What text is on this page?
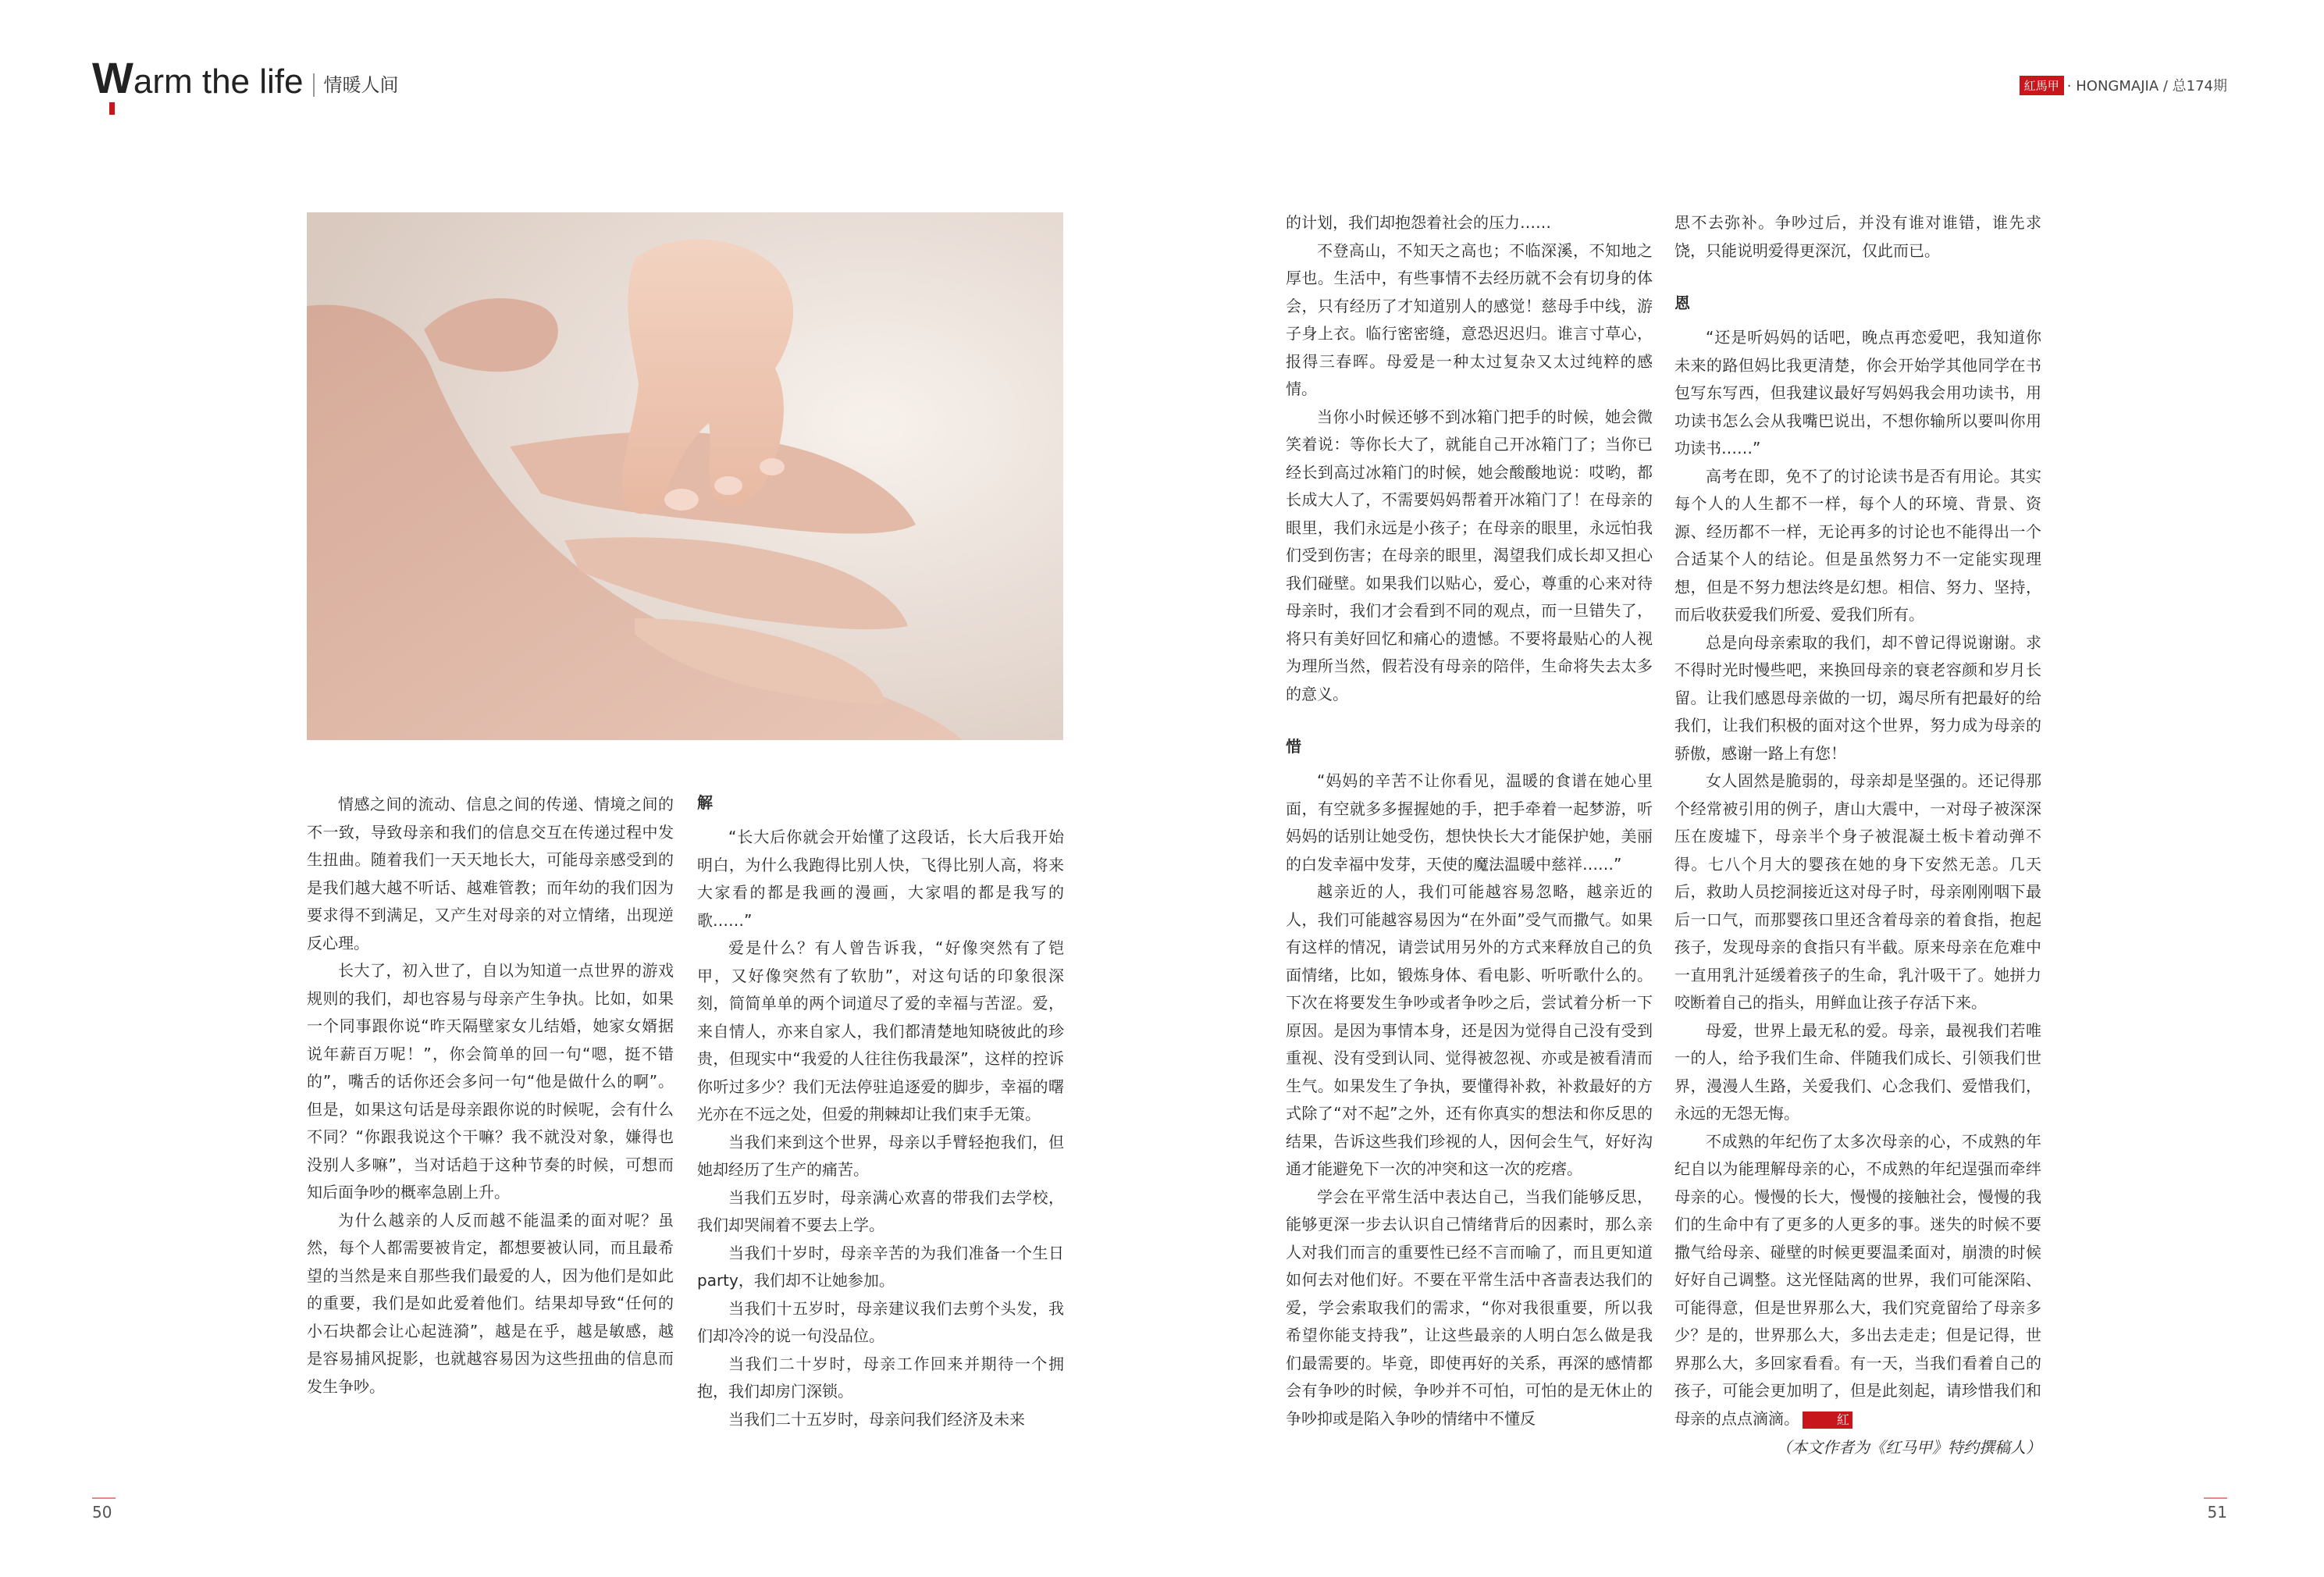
Warm the life 情暖人间	紅馬甲 · HONGMAJIA / 总174期

情感之间的流动、信息之间的传递、情境之间的不一致，导致母亲和我们的信息交互在传递过程中发生扭曲。随着我们一天天地长大，可能母亲感受到的是我们越大越不听话、越难管教；而年幼的我们因为要求得不到满足，又产生对母亲的对立情绪，出现逆反心理。

长大了，初入世了，自以为知道一点世界的游戏规则的我们，却也容易与母亲产生争执。比如，如果一个同事跟你说“昨天隔壁家女儿结婚，她家女婿据说年薪百万呢！”，你会简单的回一句“嗯，挺不错的”，嘴舌的话你还会多问一句“他是做什么的啊”。但是，如果这句话是母亲跟你说的时候呢，会有什么不同？“你跟我说这个干嘛？我不就没对象，嫌得也没别人多嘛”，当对话趋于这种节奏的时候，可想而知后面争吵的概率急剧上升。

为什么越亲的人反而越不能温柔的面对呢？虽然，每个人都需要被肯定，都想要被认同，而且最希望的当然是来自那些我们最爱的人，因为他们是如此的重要，我们是如此爱着他们。结果却导致“任何的小石块都会让心起涟漪”，越是在乎，越是敏感，越是容易捕风捉影，也就越容易因为这些扭曲的信息而发生争吵。

解

“长大后你就会开始懂了这段话，长大后我开始明白，为什么我跑得比别人快，飞得比别人高，将来大家看的都是我画的漫画，大家唱的都是我写的歌……”

爱是什么？有人曾告诉我，“好像突然有了铠甲，又好像突然有了软肋”，对这句话的印象很深刻，简简单单的两个词道尽了爱的幸福与苦涩。爱，来自情人，亦来自家人，我们都清楚地知晓彼此的珍贵，但现实中“我爱的人往往伤我最深”，这样的控诉你听过多少？我们无法停驻追逐爱的脚步，幸福的曙光亦在不远之处，但爱的荆棘却让我们束手无策。

当我们来到这个世界，母亲以手臂轻抱我们，但她却经历了生产的痛苦。

当我们五岁时，母亲满心欢喜的带我们去学校，我们却哭闹着不要去上学。

当我们十岁时，母亲辛苦的为我们准备一个生日 party，我们却不让她参加。

当我们十五岁时，母亲建议我们去剪个头发，我们却冷冷的说一句没品位。

当我们二十岁时，母亲工作回来并期待一个拥抱，我们却房门深锁。

当我们二十五岁时，母亲问我们经济及未来

的计划，我们却抱怨着社会的压力……

不登高山，不知天之高也；不临深溪，不知地之厚也。生活中，有些事情不去经历就不会有切身的体会，只有经历了才知道别人的感觉！慈母手中线，游子身上衣。临行密密缝，意恐迟迟归。谁言寸草心，报得三春晖。母爱是一种太过复杂又太过纯粹的感情。

当你小时候还够不到冰箱门把手的时候，她会微笑着说：等你长大了，就能自己开冰箱门了；当你已经长到高过冰箱门的时候，她会酸酸地说：哎哟，都长成大人了，不需要妈妈帮着开冰箱门了！在母亲的眼里，我们永远是小孩子；在母亲的眼里，永远怕我们受到伤害；在母亲的眼里，渴望我们成长却又担心我们碰壁。如果我们以贴心，爱心，尊重的心来对待母亲时，我们才会看到不同的观点，而一旦错失了，将只有美好回忆和痛心的遗憾。不要将最贴心的人视为理所当然，假若没有母亲的陪伴，生命将失去太多的意义。

惜

“妈妈的辛苦不让你看见，温暖的食谱在她心里面，有空就多多握握她的手，把手牵着一起梦游，听妈妈的话别让她受伤，想快快长大才能保护她，美丽的白发幸福中发芽，天使的魔法温暖中慈祥……”

越亲近的人，我们可能越容易忽略，越亲近的人，我们可能越容易因为“在外面”受气而撒气。如果有这样的情况，请尝试用另外的方式来释放自己的负面情绪，比如，锻炼身体、看电影、听听歌什么的。下次在将要发生争吵或者争吵之后，尝试着分析一下原因。是因为事情本身，还是因为觉得自己没有受到重视、没有受到认同、觉得被忽视、亦或是被看清而生气。如果发生了争执，要懂得补救，补救最好的方式除了“对不起”之外，还有你真实的想法和你反思的结果，告诉这些我们珍视的人，因何会生气，好好沟通才能避免下一次的冲突和这一次的疙瘩。

学会在平常生活中表达自己，当我们能够反思，能够更深一步去认识自己情绪背后的因素时，那么亲人对我们而言的重要性已经不言而喻了，而且更知道如何去对他们好。不要在平常生活中吝啬表达我们的爱，学会索取我们的需求，“你对我很重要，所以我希望你能支持我”，让这些最亲的人明白怎么做是我们最需要的。毕竟，即使再好的关系，再深的感情都会有争吵的时候，争吵并不可怕，可怕的是无休止的争吵抑或是陷入争吵的情绪中不懂反

思不去弥补。争吵过后，并没有谁对谁错，谁先求饶，只能说明爱得更深沉，仅此而已。

恩

“还是听妈妈的话吧，晚点再恋爱吧，我知道你未来的路但妈比我更清楚，你会开始学其他同学在书包写东写西，但我建议最好写妈妈我会用功读书，用功读书怎么会从我嘴巴说出，不想你输所以要叫你用功读书……”

高考在即，免不了的讨论读书是否有用论。其实每个人的人生都不一样，每个人的环境、背景、资源、经历都不一样，无论再多的讨论也不能得出一个合适某个人的结论。但是虽然努力不一定能实现理想，但是不努力想法终是幻想。相信、努力、坚持，而后收获爱我们所爱、爱我们所有。

总是向母亲索取的我们，却不曾记得说谢谢。求不得时光时慢些吧，来换回母亲的衰老容颜和岁月长留。让我们感恩母亲做的一切，竭尽所有把最好的给我们，让我们积极的面对这个世界，努力成为母亲的骄傲，感谢一路上有您！

女人固然是脆弱的，母亲却是坚强的。还记得那个经常被引用的例子，唐山大震中，一对母子被深深压在废墟下，母亲半个身子被混凝土板卡着动弹不得。七八个月大的婴孩在她的身下安然无恙。几天后，救助人员挖洞接近这对母子时，母亲刚刚咽下最后一口气，而那婴孩口里还含着母亲的着食指，抱起孩子，发现母亲的食指只有半截。原来母亲在危难中一直用乳汁延缓着孩子的生命，乳汁吸干了。她拼力咬断着自己的指头，用鲜血让孩子存活下来。

母爱，世界上最无私的爱。母亲，最视我们若唯一的人，给予我们生命、伴随我们成长、引领我们世界，漫漫人生路，关爱我们、心念我们、爱惜我们，永远的无怨无悔。

不成熟的年纪伤了太多次母亲的心，不成熟的年纪自以为能理解母亲的心，不成熟的年纪逞强而牵绊母亲的心。慢慢的长大，慢慢的接触社会，慢慢的我们的生命中有了更多的人更多的事。迷失的时候不要撒气给母亲、碰壁的时候更要温柔面对，崩溃的时候好好自己调整。这光怪陆离的世界，我们可能深陷、可能得意，但是世界那么大，我们究竟留给了母亲多少？是的，世界那么大，多出去走走；但是记得，世界那么大，多回家看看。有一天，当我们看着自己的孩子，可能会更加明了，但是此刻起，请珍惜我们和母亲的点点滴滴。	紅

（本文作者为《红马甲》特约撰稿人）
50	51
